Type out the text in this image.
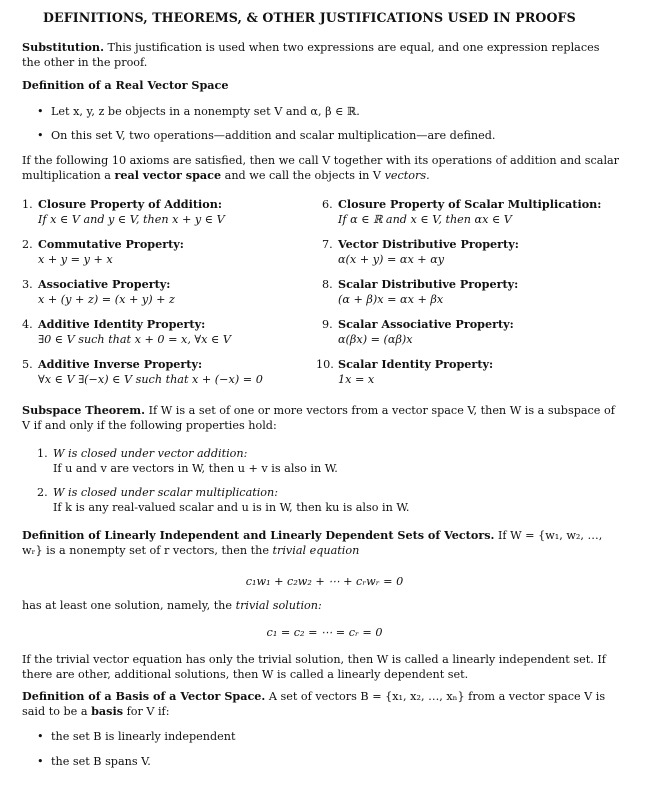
DEFINITIONS, THEOREMS, & OTHER JUSTIFICATIONS USED IN PROOFS
Substitution. This justification is used when two expressions are equal, and one expression replaces the other in the proof.
Definition of a Real Vector Space
• Let x, y, z be objects in a nonempty set V and α, β ∈ ℝ.
• On this set V, two operations—addition and scalar multiplication—are defined.
If the following 10 axioms are satisfied, then we call V together with its operations of addition and scalar multiplication a real vector space and we call the objects in V vectors.
1. Closure Property of Addition:
If x ∈ V and y ∈ V, then x + y ∈ V
2. Commutative Property:
x + y = y + x
3. Associative Property:
x + (y + z) = (x + y) + z
4. Additive Identity Property:
∃0 ∈ V such that x + 0 = x, ∀x ∈ V
5. Additive Inverse Property:
∀x ∈ V ∃(−x) ∈ V such that x + (−x) = 0
6. Closure Property of Scalar Multiplication:
If α ∈ ℝ and x ∈ V, then αx ∈ V
7. Vector Distributive Property:
α(x + y) = αx + αy
8. Scalar Distributive Property:
(α + β)x = αx + βx
9. Scalar Associative Property:
α(βx) = (αβ)x
10. Scalar Identity Property:
1x = x
Subspace Theorem. If W is a set of one or more vectors from a vector space V, then W is a subspace of V if and only if the following properties hold:
1. W is closed under vector addition:
If u and v are vectors in W, then u + v is also in W.
2. W is closed under scalar multiplication:
If k is any real-valued scalar and u is in W, then ku is also in W.
Definition of Linearly Independent and Linearly Dependent Sets of Vectors. If W = {w₁, w₂, …, wᵣ} is a nonempty set of r vectors, then the trivial equation
c₁w₁ + c₂w₂ + ⋯ + cᵣwᵣ = 0
has at least one solution, namely, the trivial solution:
c₁ = c₂ = ⋯ = cᵣ = 0
If the trivial vector equation has only the trivial solution, then W is called a linearly independent set. If there are other, additional solutions, then W is called a linearly dependent set.
Definition of a Basis of a Vector Space. A set of vectors B = {x₁, x₂, …, xₙ} from a vector space V is said to be a basis for V if:
• the set B is linearly independent
• the set B spans V.
